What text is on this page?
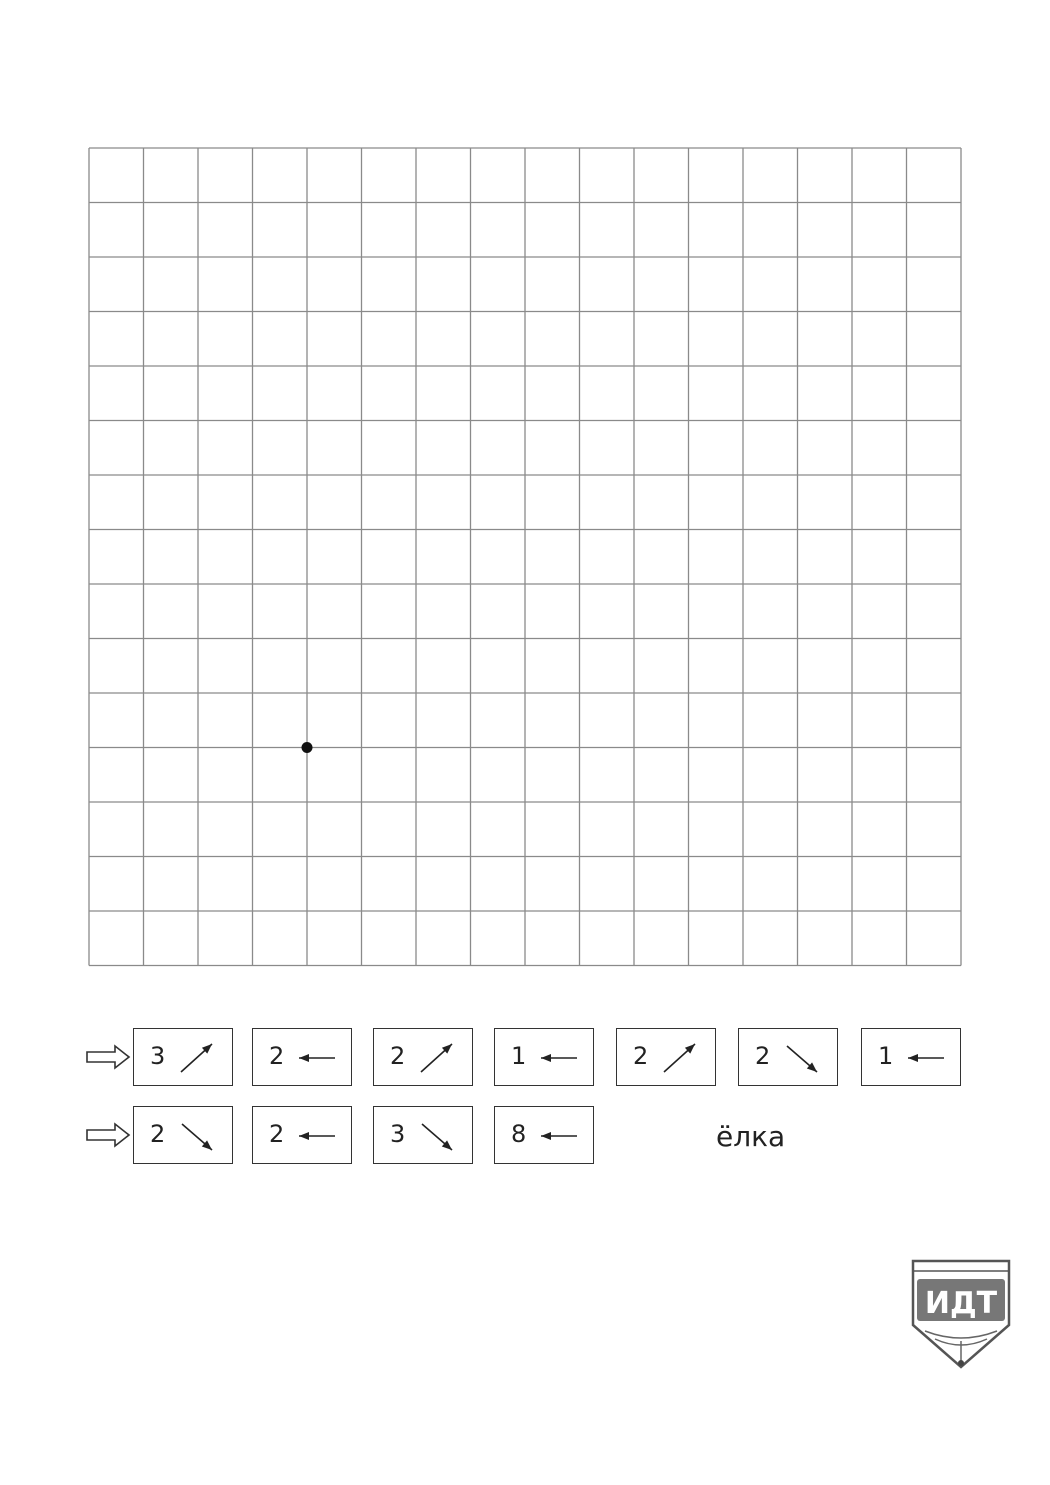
3	2	2	1	2	2	1
2	2	3	8	ёлка
ИДТ
